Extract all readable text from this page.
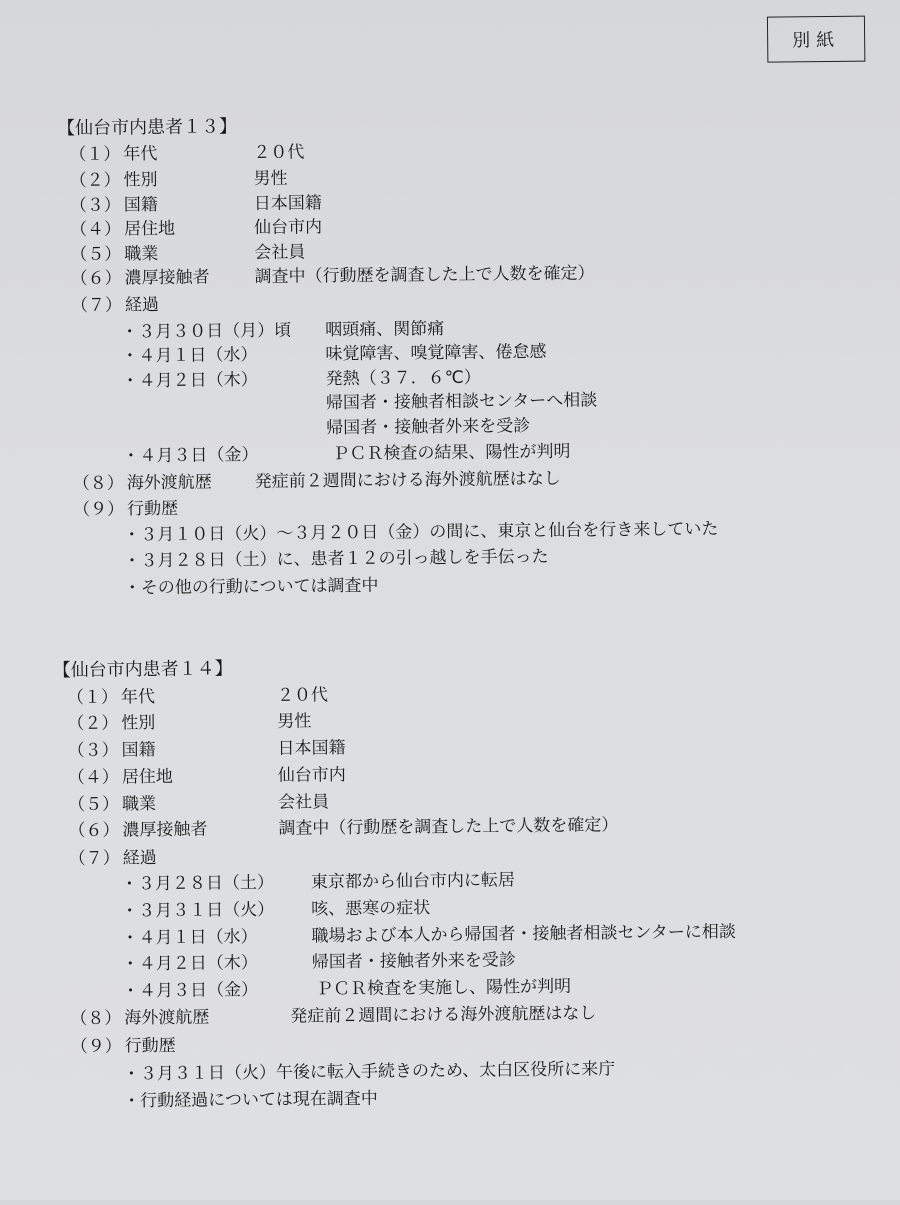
別紙
【仙台市内患者１３】
（１） 年代	２０代
（２） 性別	男性
（３） 国籍	日本国籍
（４） 居住地	仙台市内
（５） 職業	会社員
（６） 濃厚接触者	調査中（行動歴を調査した上で人数を確定）
（７） 経過
・３月３０日（月）頃 咽頭痛、関節痛
・４月１日（水）	味覚障害、嗅覚障害、倦怠感
・４月２日（木）	発熱（３７．６℃）
帰国者・接触者相談センターへ相談
帰国者・接触者外来を受診
・４月３日（金）	ＰＣＲ検査の結果、陽性が判明
（８） 海外渡航歴	発症前２週間における海外渡航歴はなし
（９） 行動歴
・３月１０日（火）～３月２０日（金）の間に、東京と仙台を行き来していた
・３月２８日（土）に、患者１２の引っ越しを手伝った
・その他の行動については調査中
【仙台市内患者１４】
（１） 年代	２０代
（２） 性別	男性
（３） 国籍	日本国籍
（４） 居住地	仙台市内
（５） 職業	会社員
（６） 濃厚接触者	調査中（行動歴を調査した上で人数を確定）
（７） 経過
・３月２８日（土） 東京都から仙台市内に転居
・３月３１日（火） 咳、悪寒の症状
・４月１日（水）	職場および本人から帰国者・接触者相談センターに相談
・４月２日（木）	帰国者・接触者外来を受診
・４月３日（金）	ＰＣＲ検査を実施し、陽性が判明
（８） 海外渡航歴	発症前２週間における海外渡航歴はなし
（９） 行動歴
・３月３１日（火）午後に転入手続きのため、太白区役所に来庁
・行動経過については現在調査中
